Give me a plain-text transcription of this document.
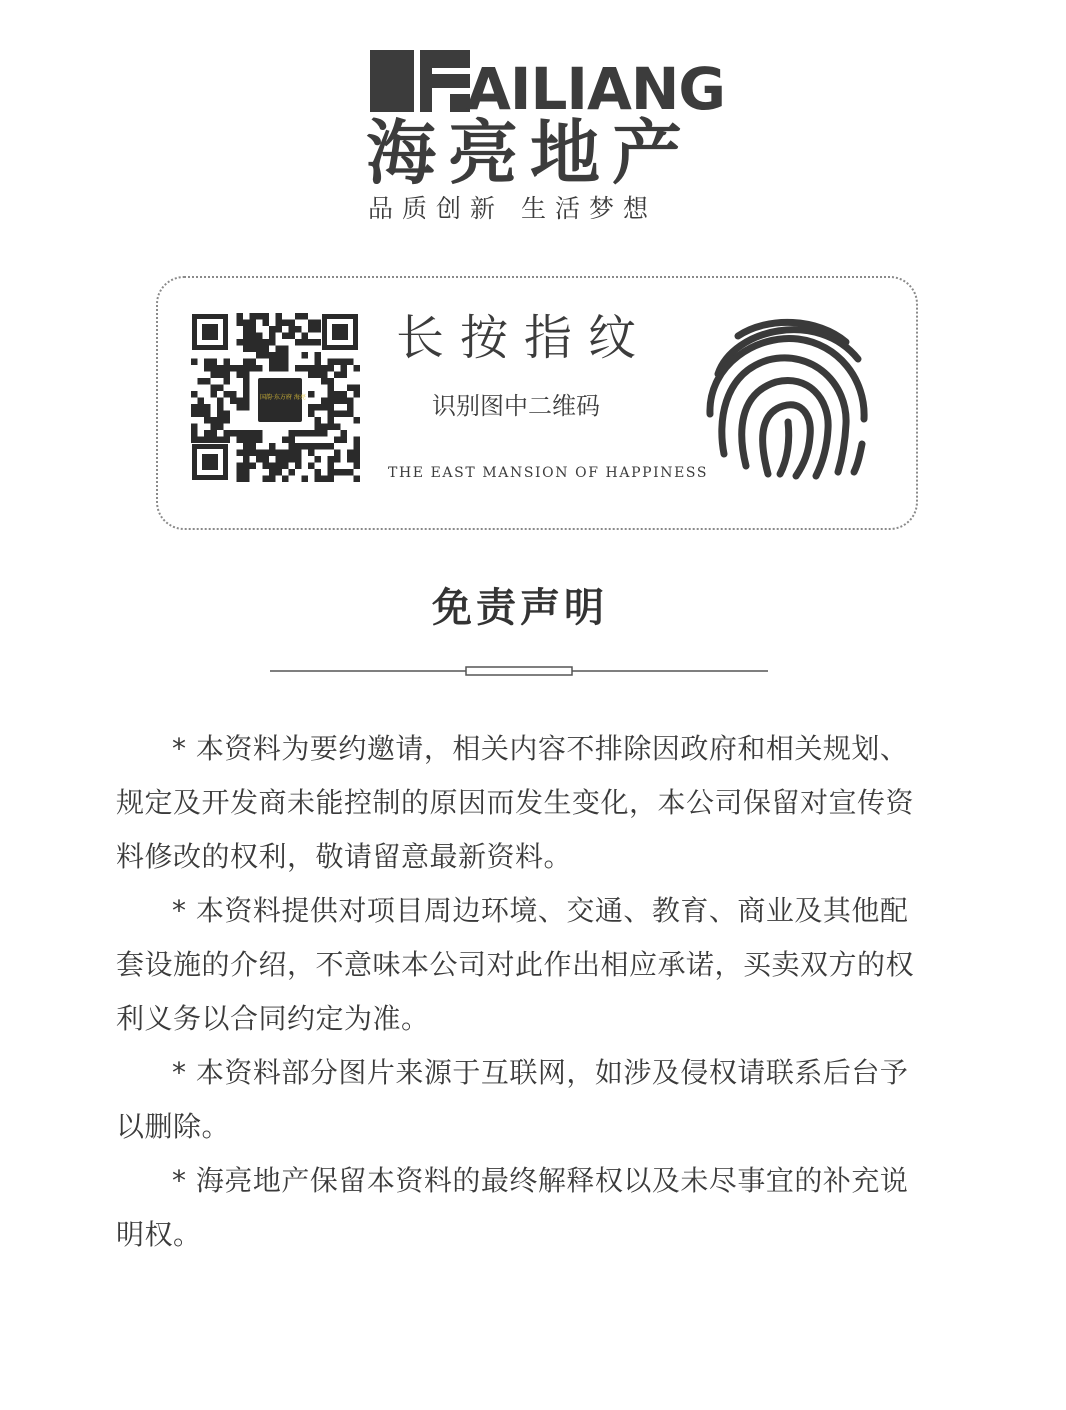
AILIANG
海亮地产
品质创新 生活梦想
国韵·东方府 海亮
长按指纹
识别图中二维码
THE EAST MANSION OF HAPPINESS
免责声明

* 本资料为要约邀请，相关内容不排除因政府和相关规划、规定及开发商未能控制的原因而发生变化，本公司保留对宣传资料修改的权利，敬请留意最新资料。

* 本资料提供对项目周边环境、交通、教育、商业及其他配套设施的介绍，不意味本公司对此作出相应承诺，买卖双方的权利义务以合同约定为准。

* 本资料部分图片来源于互联网，如涉及侵权请联系后台予以删除。

* 海亮地产保留本资料的最终解释权以及未尽事宜的补充说明权。
